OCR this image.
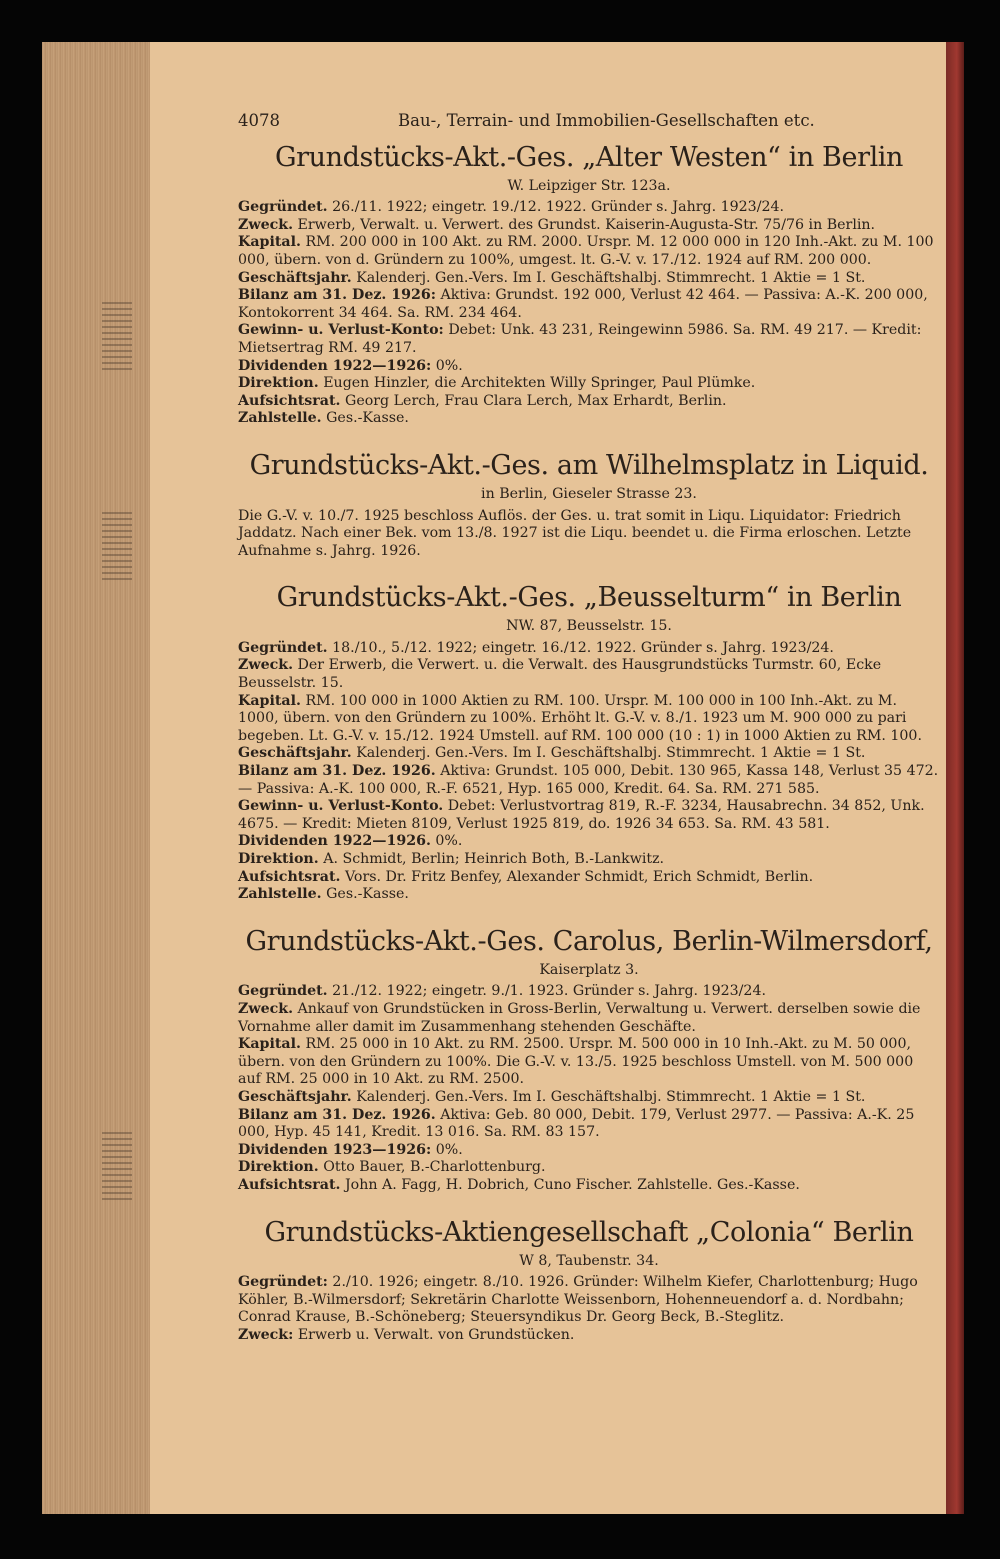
4078	Bau-, Terrain- und Immobilien-Gesellschaften etc.
Grundstücks-Akt.-Ges. „Alter Westen“ in Berlin
W. Leipziger Str. 123a.

Gegründet. 26./11. 1922; eingetr. 19./12. 1922. Gründer s. Jahrg. 1923/24.

Zweck. Erwerb, Verwalt. u. Verwert. des Grundst. Kaiserin-Augusta-Str. 75/76 in Berlin.

Kapital. RM. 200 000 in 100 Akt. zu RM. 2000. Urspr. M. 12 000 000 in 120 Inh.-Akt. zu M. 100 000, übern. von d. Gründern zu 100%, umgest. lt. G.-V. v. 17./12. 1924 auf RM. 200 000.

Geschäftsjahr. Kalenderj. Gen.-Vers. Im I. Geschäftshalbj. Stimmrecht. 1 Aktie = 1 St.

Bilanz am 31. Dez. 1926: Aktiva: Grundst. 192 000, Verlust 42 464. — Passiva: A.-K. 200 000, Kontokorrent 34 464. Sa. RM. 234 464.

Gewinn- u. Verlust-Konto: Debet: Unk. 43 231, Reingewinn 5986. Sa. RM. 49 217. — Kredit: Mietsertrag RM. 49 217.

Dividenden 1922—1926: 0%.

Direktion. Eugen Hinzler, die Architekten Willy Springer, Paul Plümke.

Aufsichtsrat. Georg Lerch, Frau Clara Lerch, Max Erhardt, Berlin.

Zahlstelle. Ges.-Kasse.

Grundstücks-Akt.-Ges. am Wilhelmsplatz in Liquid.
in Berlin, Gieseler Strasse 23.

Die G.-V. v. 10./7. 1925 beschloss Auflös. der Ges. u. trat somit in Liqu. Liquidator: Friedrich Jaddatz. Nach einer Bek. vom 13./8. 1927 ist die Liqu. beendet u. die Firma erloschen. Letzte Aufnahme s. Jahrg. 1926.

Grundstücks-Akt.-Ges. „Beusselturm“ in Berlin
NW. 87, Beusselstr. 15.

Gegründet. 18./10., 5./12. 1922; eingetr. 16./12. 1922. Gründer s. Jahrg. 1923/24.

Zweck. Der Erwerb, die Verwert. u. die Verwalt. des Hausgrundstücks Turmstr. 60, Ecke Beusselstr. 15.

Kapital. RM. 100 000 in 1000 Aktien zu RM. 100. Urspr. M. 100 000 in 100 Inh.-Akt. zu M. 1000, übern. von den Gründern zu 100%. Erhöht lt. G.-V. v. 8./1. 1923 um M. 900 000 zu pari begeben. Lt. G.-V. v. 15./12. 1924 Umstell. auf RM. 100 000 (10 : 1) in 1000 Aktien zu RM. 100.

Geschäftsjahr. Kalenderj. Gen.-Vers. Im I. Geschäftshalbj. Stimmrecht. 1 Aktie = 1 St.

Bilanz am 31. Dez. 1926. Aktiva: Grundst. 105 000, Debit. 130 965, Kassa 148, Verlust 35 472. — Passiva: A.-K. 100 000, R.-F. 6521, Hyp. 165 000, Kredit. 64. Sa. RM. 271 585.

Gewinn- u. Verlust-Konto. Debet: Verlustvortrag 819, R.-F. 3234, Hausabrechn. 34 852, Unk. 4675. — Kredit: Mieten 8109, Verlust 1925 819, do. 1926 34 653. Sa. RM. 43 581.

Dividenden 1922—1926. 0%.

Direktion. A. Schmidt, Berlin; Heinrich Both, B.-Lankwitz.

Aufsichtsrat. Vors. Dr. Fritz Benfey, Alexander Schmidt, Erich Schmidt, Berlin.

Zahlstelle. Ges.-Kasse.

Grundstücks-Akt.-Ges. Carolus, Berlin-Wilmersdorf,
Kaiserplatz 3.

Gegründet. 21./12. 1922; eingetr. 9./1. 1923. Gründer s. Jahrg. 1923/24.

Zweck. Ankauf von Grundstücken in Gross-Berlin, Verwaltung u. Verwert. derselben sowie die Vornahme aller damit im Zusammenhang stehenden Geschäfte.

Kapital. RM. 25 000 in 10 Akt. zu RM. 2500. Urspr. M. 500 000 in 10 Inh.-Akt. zu M. 50 000, übern. von den Gründern zu 100%. Die G.-V. v. 13./5. 1925 beschloss Umstell. von M. 500 000 auf RM. 25 000 in 10 Akt. zu RM. 2500.

Geschäftsjahr. Kalenderj. Gen.-Vers. Im I. Geschäftshalbj. Stimmrecht. 1 Aktie = 1 St.

Bilanz am 31. Dez. 1926. Aktiva: Geb. 80 000, Debit. 179, Verlust 2977. — Passiva: A.-K. 25 000, Hyp. 45 141, Kredit. 13 016. Sa. RM. 83 157.

Dividenden 1923—1926: 0%.

Direktion. Otto Bauer, B.-Charlottenburg.

Aufsichtsrat. John A. Fagg, H. Dobrich, Cuno Fischer. Zahlstelle. Ges.-Kasse.

Grundstücks-Aktiengesellschaft „Colonia“ Berlin
W 8, Taubenstr. 34.

Gegründet: 2./10. 1926; eingetr. 8./10. 1926. Gründer: Wilhelm Kiefer, Charlottenburg; Hugo Köhler, B.-Wilmersdorf; Sekretärin Charlotte Weissenborn, Hohenneuendorf a. d. Nordbahn; Conrad Krause, B.-Schöneberg; Steuersyndikus Dr. Georg Beck, B.-Steglitz.

Zweck: Erwerb u. Verwalt. von Grundstücken.
